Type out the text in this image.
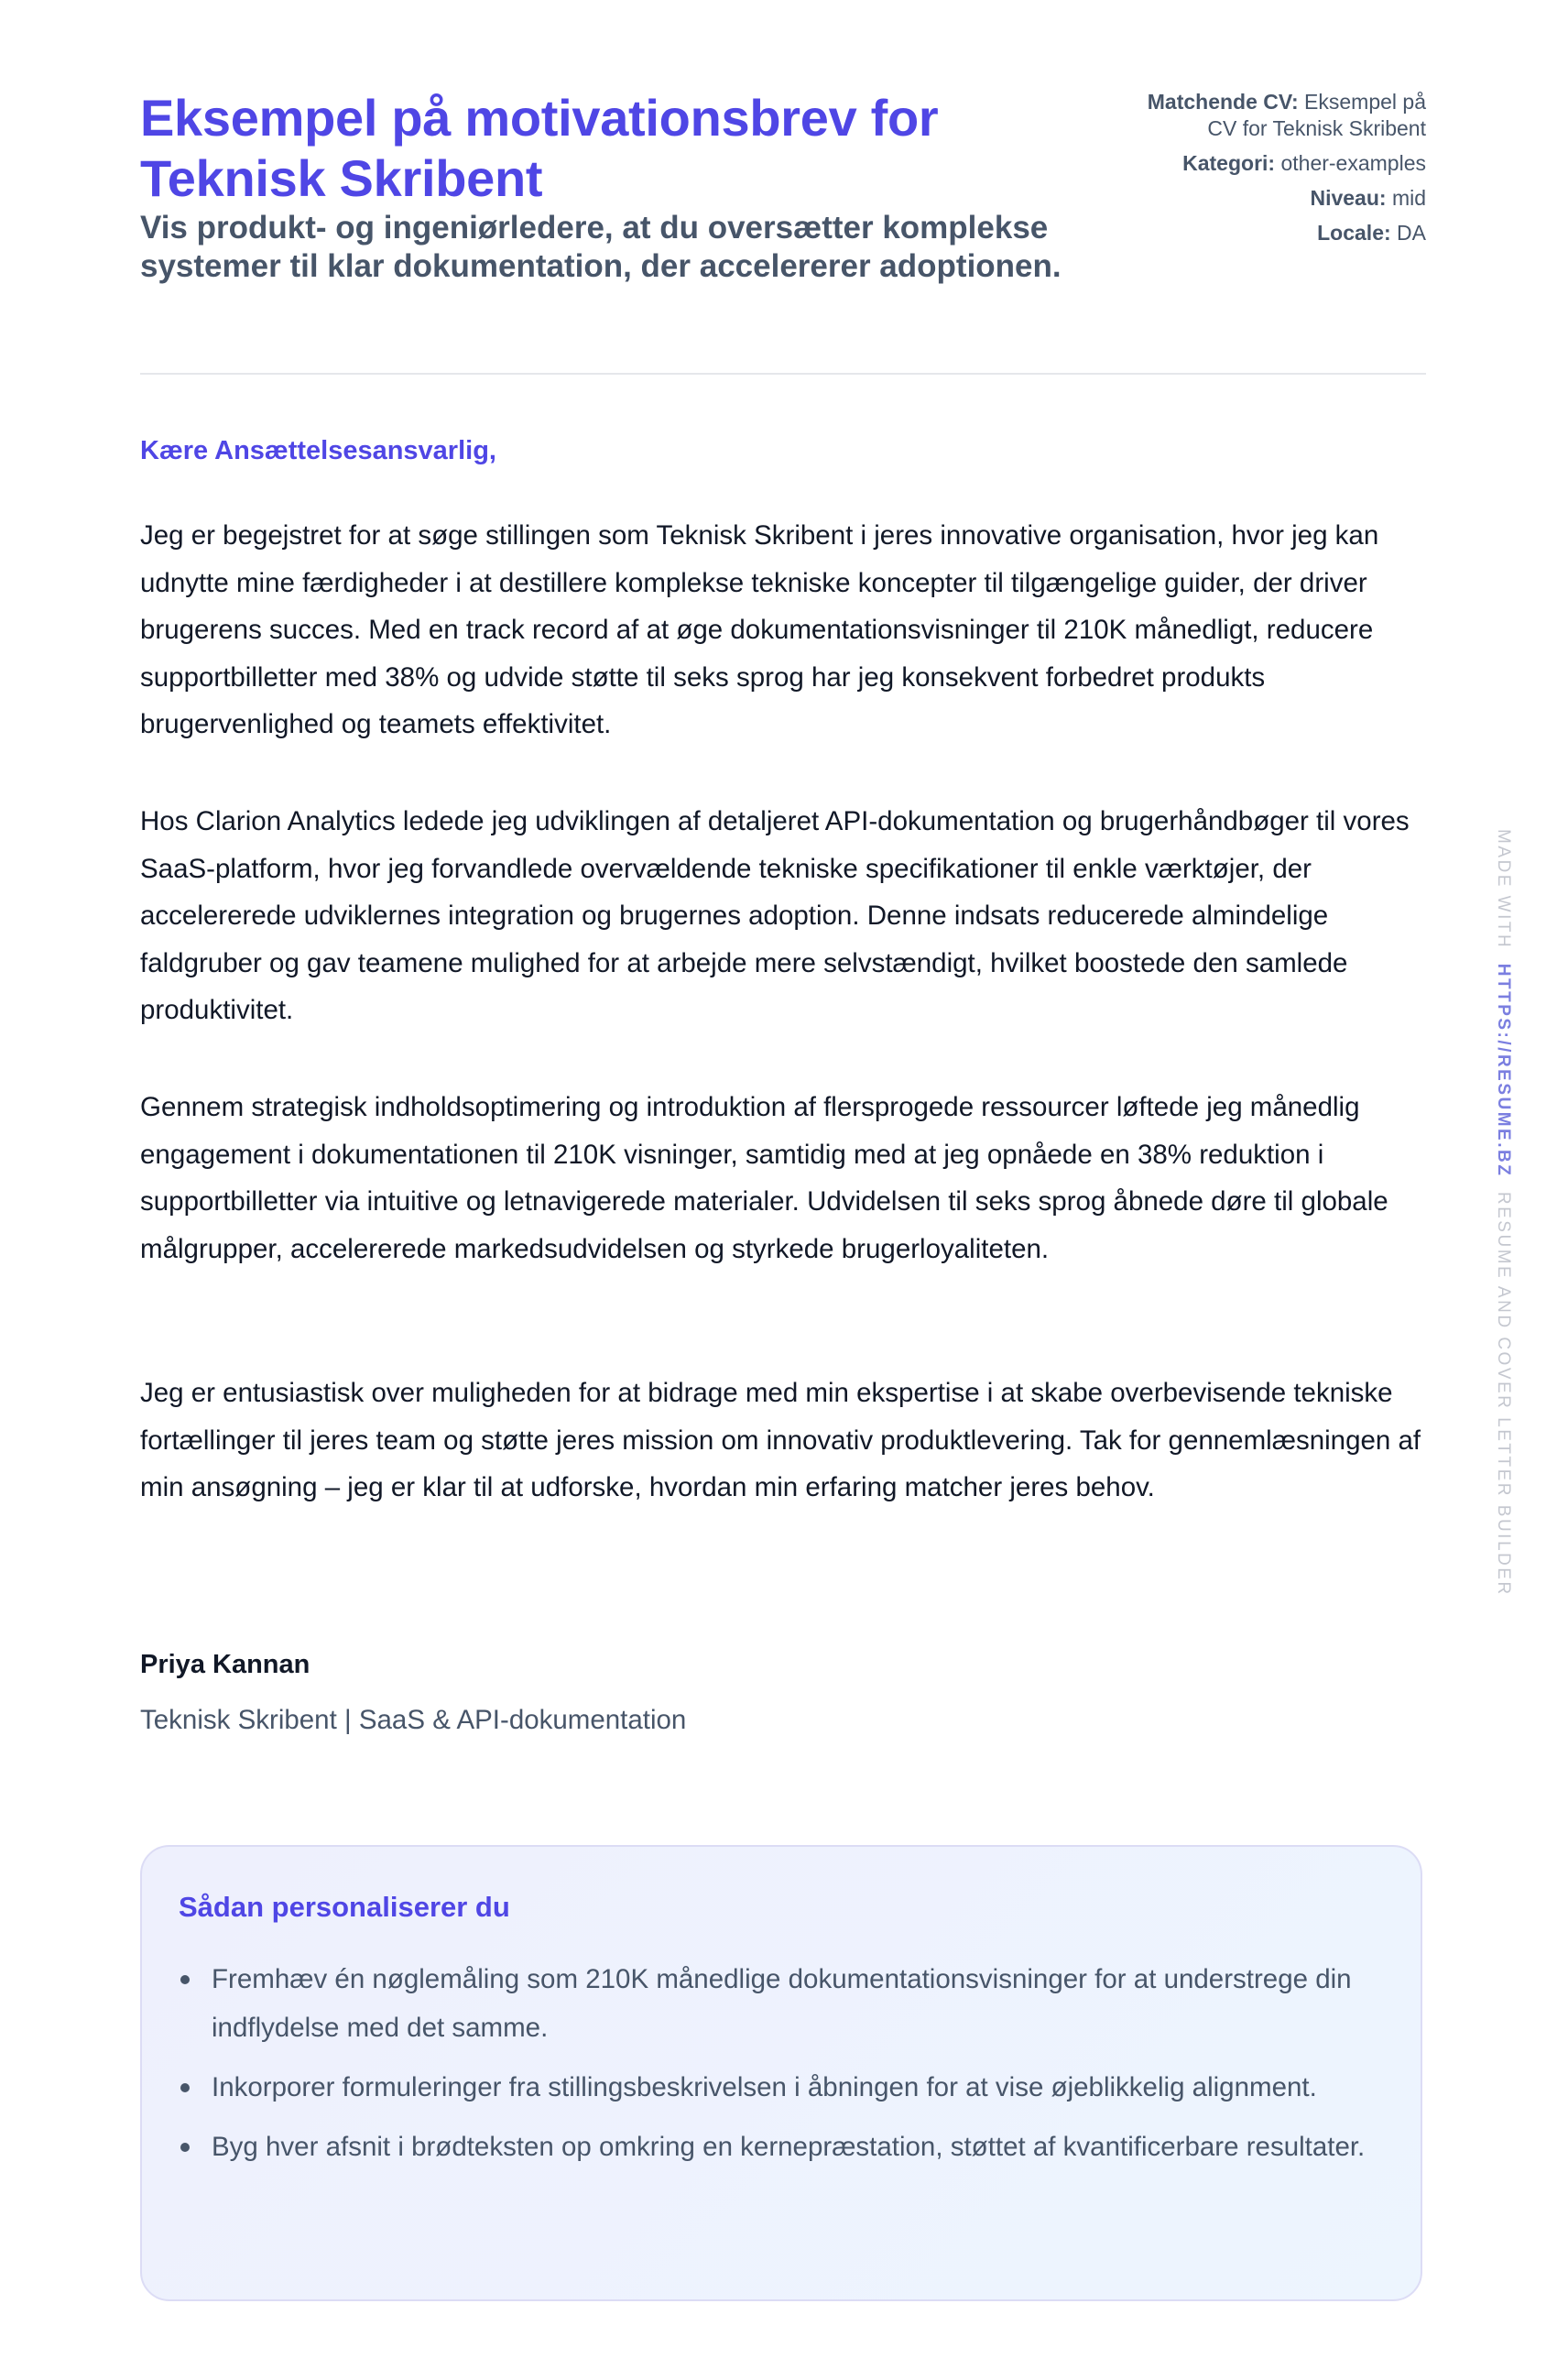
Eksempel på motivationsbrev for Teknisk Skribent

Vis produkt- og ingeniørledere, at du oversætter komplekse systemer til klar dokumentation, der accelererer adoptionen.

Matchende CV: Eksempel på CV for Teknisk Skribent
Kategori: other-examples
Niveau: mid
Locale: DA
Kære Ansættelsesansvarlig,

Jeg er begejstret for at søge stillingen som Teknisk Skribent i jeres innovative organisation, hvor jeg kan udnytte mine færdigheder i at destillere komplekse tekniske koncepter til tilgængelige guider, der driver brugerens succes. Med en track record af at øge dokumentationsvisninger til 210K månedligt, reducere supportbilletter med 38% og udvide støtte til seks sprog har jeg konsekvent forbedret produkts brugervenlighed og teamets effektivitet.

Hos Clarion Analytics ledede jeg udviklingen af detaljeret API-dokumentation og brugerhåndbøger til vores SaaS-platform, hvor jeg forvandlede overvældende tekniske specifikationer til enkle værktøjer, der accelererede udviklernes integration og brugernes adoption. Denne indsats reducerede almindelige faldgruber og gav teamene mulighed for at arbejde mere selvstændigt, hvilket boostede den samlede produktivitet.

Gennem strategisk indholdsoptimering og introduktion af flersprogede ressourcer løftede jeg månedlig engagement i dokumentationen til 210K visninger, samtidig med at jeg opnåede en 38% reduktion i supportbilletter via intuitive og letnavigerede materialer. Udvidelsen til seks sprog åbnede døre til globale målgrupper, accelererede markedsudvidelsen og styrkede brugerloyaliteten.

Jeg er entusiastisk over muligheden for at bidrage med min ekspertise i at skabe overbevisende tekniske fortællinger til jeres team og støtte jeres mission om innovativ produktlevering. Tak for gennemlæsningen af min ansøgning – jeg er klar til at udforske, hvordan min erfaring matcher jeres behov.

Priya Kannan
Teknisk Skribent | SaaS & API-dokumentation
Sådan personaliserer du
Fremhæv én nøglemåling som 210K månedlige dokumentationsvisninger for at understrege din indflydelse med det samme.
Inkorporer formuleringer fra stillingsbeskrivelsen i åbningen for at vise øjeblikkelig alignment.
Byg hver afsnit i brødteksten op omkring en kernepræstation, støttet af kvantificerbare resultater.
MADE WITH  HTTPS://RESUME.BZ  RESUME AND COVER LETTER BUILDER
